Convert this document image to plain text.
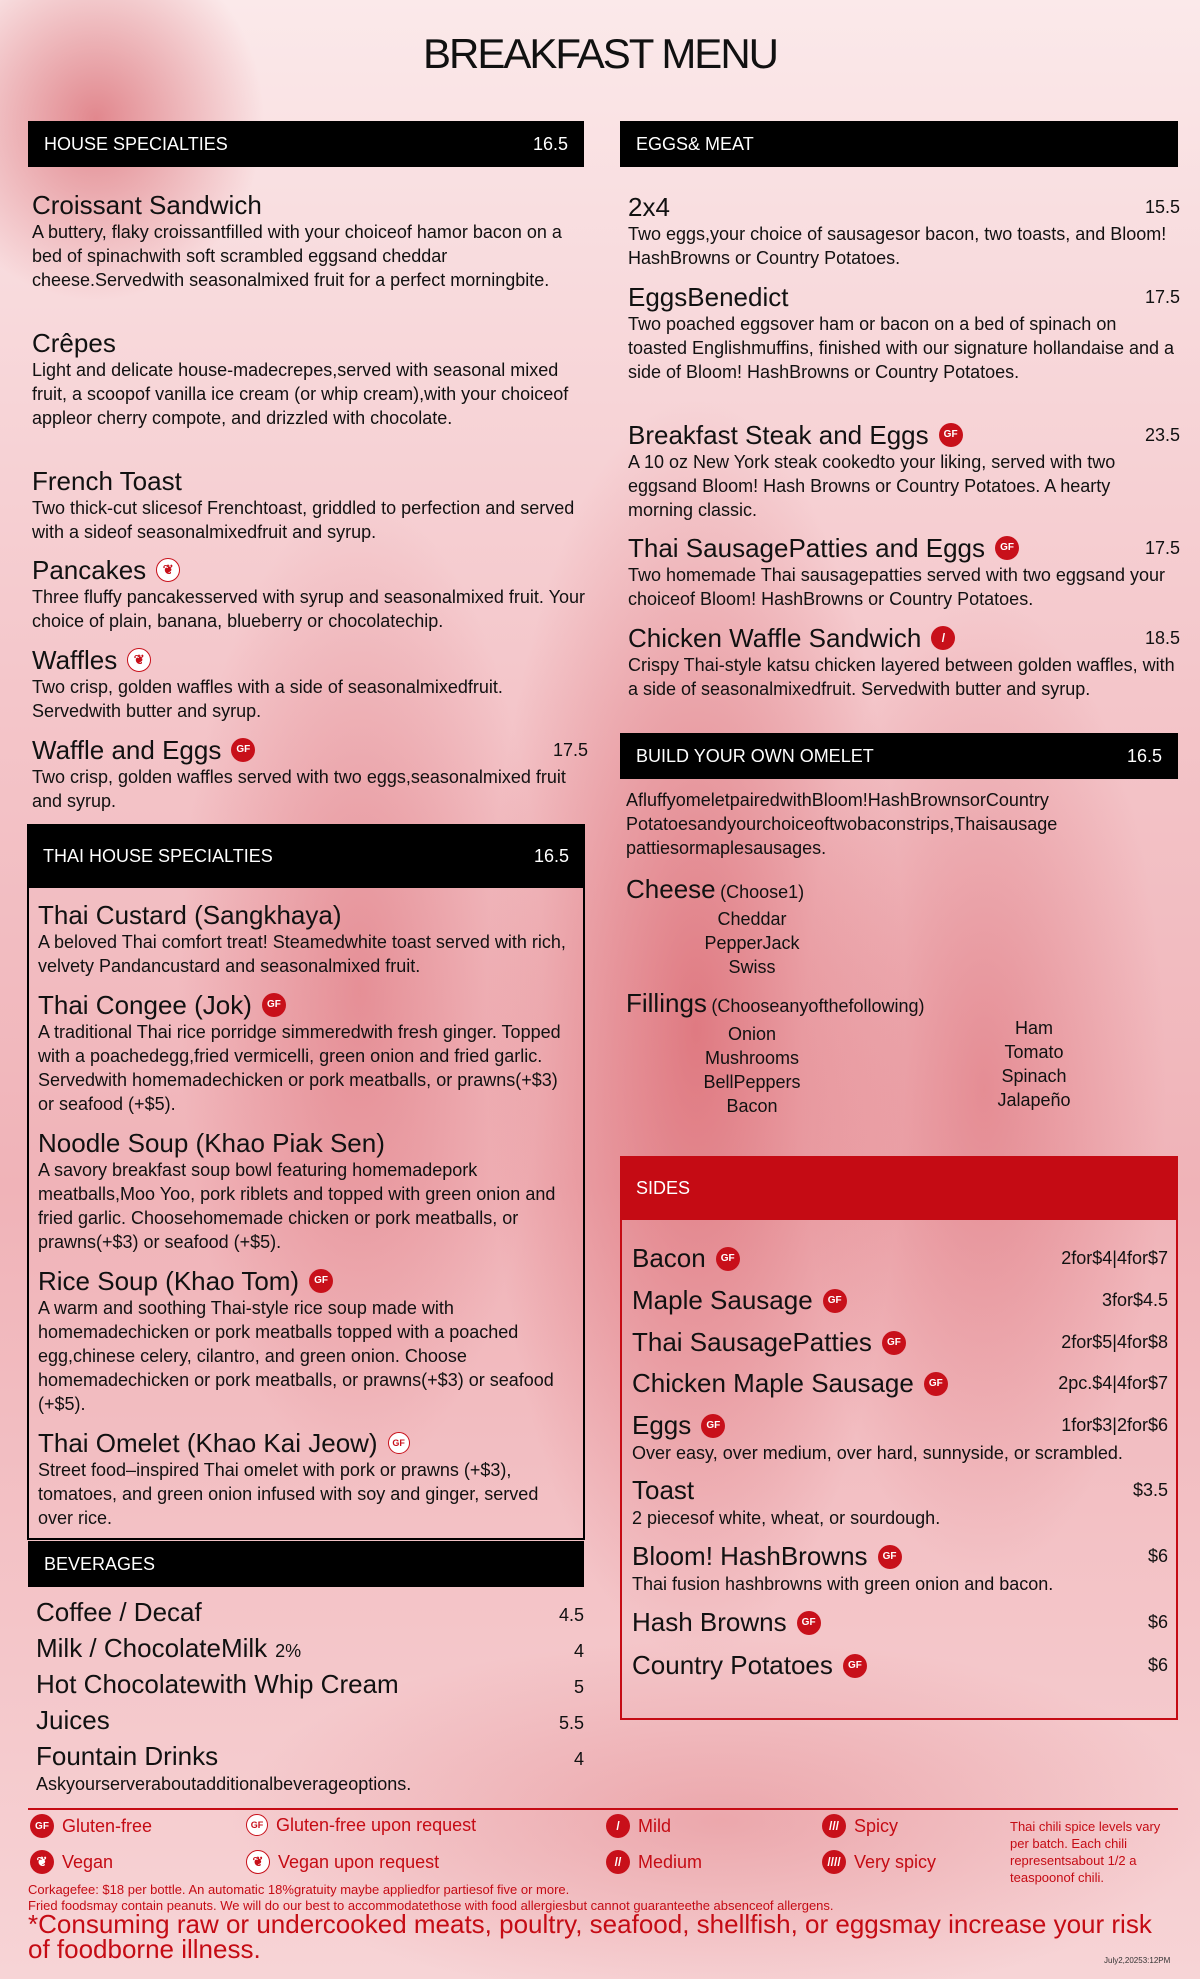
BREAKFAST MENU
HOUSE SPECIALTIES	16.5
Croissant Sandwich
A buttery, flaky croissantfilled with your choiceof hamor bacon on a bed of spinachwith soft scrambled eggsand cheddar cheese.Servedwith seasonalmixed fruit for a perfect morningbite.
Crêpes
Light and delicate house-madecrepes,served with seasonal mixed fruit, a scoopof vanilla ice cream (or whip cream),with your choiceof appleor cherry compote, and drizzled with chocolate.
French Toast
Two thick-cut slicesof Frenchtoast, griddled to perfection and served with a sideof seasonalmixedfruit and syrup.
Pancakes	❦
Three fluffy pancakesserved with syrup and seasonalmixed fruit. Your choice of plain, banana, blueberry or chocolatechip.
Waffles	❦
Two crisp, golden waffles with a side of seasonalmixedfruit. Servedwith butter and syrup.
Waffle and Eggs	GF	17.5
Two crisp, golden waffles served with two eggs,seasonalmixed fruit and syrup.
THAI HOUSE SPECIALTIES	16.5
Thai Custard (Sangkhaya)
A beloved Thai comfort treat! Steamedwhite toast served with rich, velvety Pandancustard and seasonalmixed fruit.
Thai Congee (Jok)	GF
A traditional Thai rice porridge simmeredwith fresh ginger. Topped with a poachedegg,fried vermicelli, green onion and fried garlic. Servedwith homemadechicken or pork meatballs, or prawns(+$3) or seafood (+$5).
Noodle Soup (Khao Piak Sen)
A savory breakfast soup bowl featuring homemadepork meatballs,Moo Yoo, pork riblets and topped with green onion and fried garlic. Choosehomemade chicken or pork meatballs, or prawns(+$3) or seafood (+$5).
Rice Soup (Khao Tom)	GF
A warm and soothing Thai-style rice soup made with homemadechicken or pork meatballs topped with a poached egg,chinese celery, cilantro, and green onion. Choose homemadechicken or pork meatballs, or prawns(+$3) or seafood (+$5).
Thai Omelet (Khao Kai Jeow)	GF
Street food–inspired Thai omelet with pork or prawns (+$3), tomatoes, and green onion infused with soy and ginger, served over rice.
BEVERAGES
Coffee / Decaf	4.5
Milk / ChocolateMilk 2%	4
Hot Chocolatewith Whip Cream	5
Juices	5.5
Fountain Drinks	4
Askyourserveraboutadditionalbeverageoptions.
EGGS& MEAT
2x4	15.5
Two eggs,your choice of sausagesor bacon, two toasts, and Bloom! HashBrowns or Country Potatoes.
EggsBenedict	17.5
Two poached eggsover ham or bacon on a bed of spinach on toasted Englishmuffins, finished with our signature hollandaise and a side of Bloom! HashBrowns or Country Potatoes.
Breakfast Steak and Eggs	GF	23.5
A 10 oz New York steak cookedto your liking, served with two eggsand Bloom! Hash Browns or Country Potatoes. A hearty morning classic.
Thai SausagePatties and Eggs	GF	17.5
Two homemade Thai sausagepatties served with two eggsand your choiceof Bloom! HashBrowns or Country Potatoes.
Chicken Waffle Sandwich	/	18.5
Crispy Thai-style katsu chicken layered between golden waffles, with a side of seasonalmixedfruit. Servedwith butter and syrup.
BUILD YOUR OWN OMELET	16.5
AfluffyomeletpairedwithBloom!HashBrownsorCountry Potatoesandyourchoiceoftwobaconstrips,Thaisausage pattiesormaplesausages.
Cheese (Choose1)
Cheddar
PepperJack
Swiss
Fillings (Chooseanyofthefollowing)
Onion
Mushrooms
BellPeppers
Bacon
Ham
Tomato
Spinach
Jalapeño
SIDES
Bacon	GF	2for$4|4for$7
Maple Sausage	GF	3for$4.5
Thai SausagePatties	GF	2for$5|4for$8
Chicken Maple Sausage	GF	2pc.$4|4for$7
Eggs	GF	1for$3|2for$6
Over easy, over medium, over hard, sunnyside, or scrambled.
Toast	$3.5
2 piecesof white, wheat, or sourdough.
Bloom! HashBrowns	GF	$6
Thai fusion hashbrowns with green onion and bacon.
Hash Browns	GF	$6
Country Potatoes	GF	$6
GF Gluten-free	GF Gluten-free upon request	/	Mild	/// Spicy
❦ Vegan	❦ Vegan upon request	// Medium	//// Very spicy
Thai chili spice levels vary per batch. Each chili representsabout 1/2 a teaspoonof chili.
Corkagefee: $18 per bottle. An automatic 18%gratuity maybe appliedfor partiesof five or more.
Fried foodsmay contain peanuts. We will do our best to accommodatethose with food allergiesbut cannot guaranteethe absenceof allergens.
*Consuming raw or undercooked meats, poultry, seafood, shellfish, or eggsmay increase your risk of foodborne illness.	July2,20253:12PM
